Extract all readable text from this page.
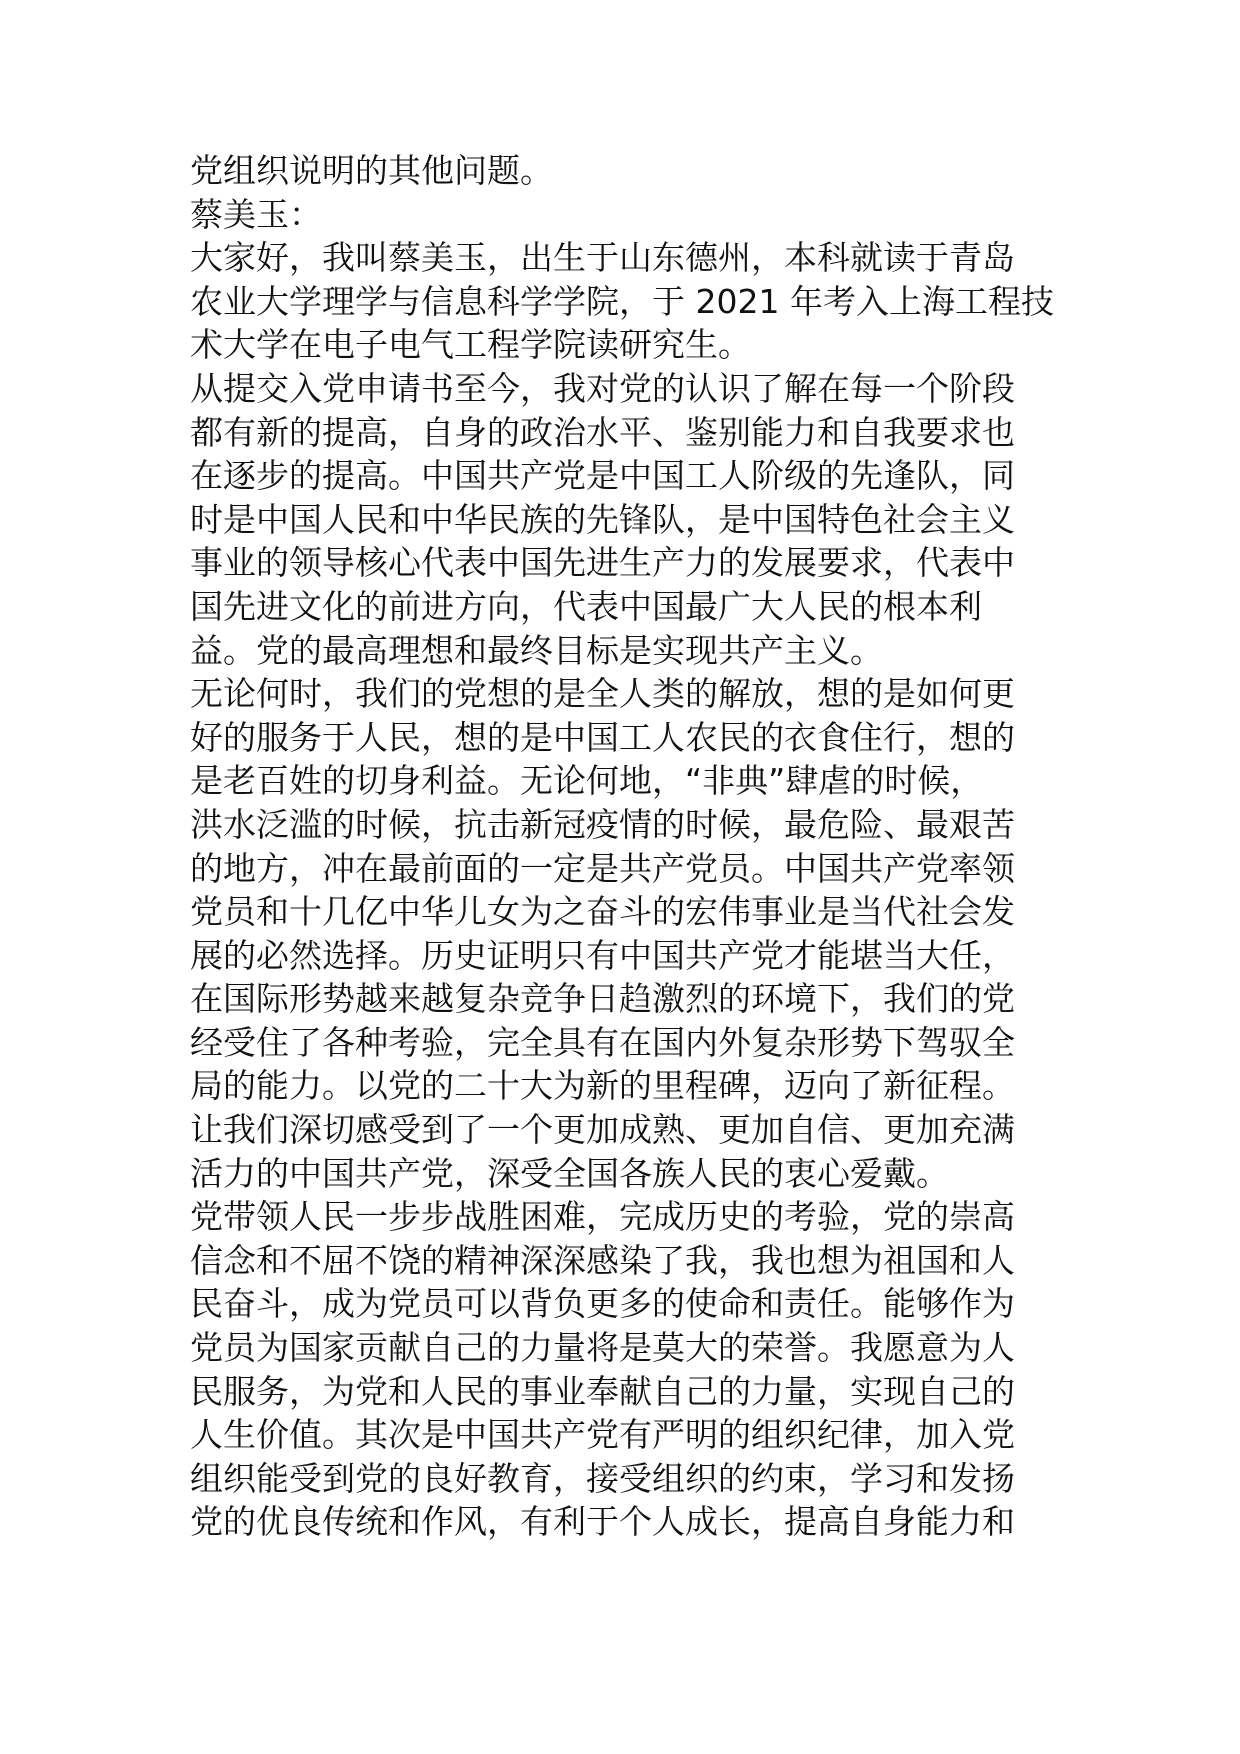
党组织说明的其他问题。
蔡美玉：
大家好，我叫蔡美玉，出生于山东德州，本科就读于青岛
农业大学理学与信息科学学院，于 2021 年考入上海工程技
术大学在电子电气工程学院读研究生。
从提交入党申请书至今，我对党的认识了解在每一个阶段
都有新的提高，自身的政治水平、鉴别能力和自我要求也
在逐步的提高。中国共产党是中国工人阶级的先逢队，同
时是中国人民和中华民族的先锋队，是中国特色社会主义
事业的领导核心代表中国先进生产力的发展要求，代表中
国先进文化的前进方向，代表中国最广大人民的根本利
益。党的最高理想和最终目标是实现共产主义。
无论何时，我们的党想的是全人类的解放，想的是如何更
好的服务于人民，想的是中国工人农民的衣食住行，想的
是老百姓的切身利益。无论何地，“非典”肆虐的时候，
洪水泛滥的时候，抗击新冠疫情的时候，最危险、最艰苦
的地方，冲在最前面的一定是共产党员。中国共产党率领
党员和十几亿中华儿女为之奋斗的宏伟事业是当代社会发
展的必然选择。历史证明只有中国共产党才能堪当大任，
在国际形势越来越复杂竞争日趋激烈的环境下，我们的党
经受住了各种考验，完全具有在国内外复杂形势下驾驭全
局的能力。以党的二十大为新的里程碑，迈向了新征程。
让我们深切感受到了一个更加成熟、更加自信、更加充满
活力的中国共产党，深受全国各族人民的衷心爱戴。
党带领人民一步步战胜困难，完成历史的考验，党的崇高
信念和不屈不饶的精神深深感染了我，我也想为祖国和人
民奋斗，成为党员可以背负更多的使命和责任。能够作为
党员为国家贡献自己的力量将是莫大的荣誉。我愿意为人
民服务，为党和人民的事业奉献自己的力量，实现自己的
人生价值。其次是中国共产党有严明的组织纪律，加入党
组织能受到党的良好教育，接受组织的约束，学习和发扬
党的优良传统和作风，有利于个人成长，提高自身能力和
